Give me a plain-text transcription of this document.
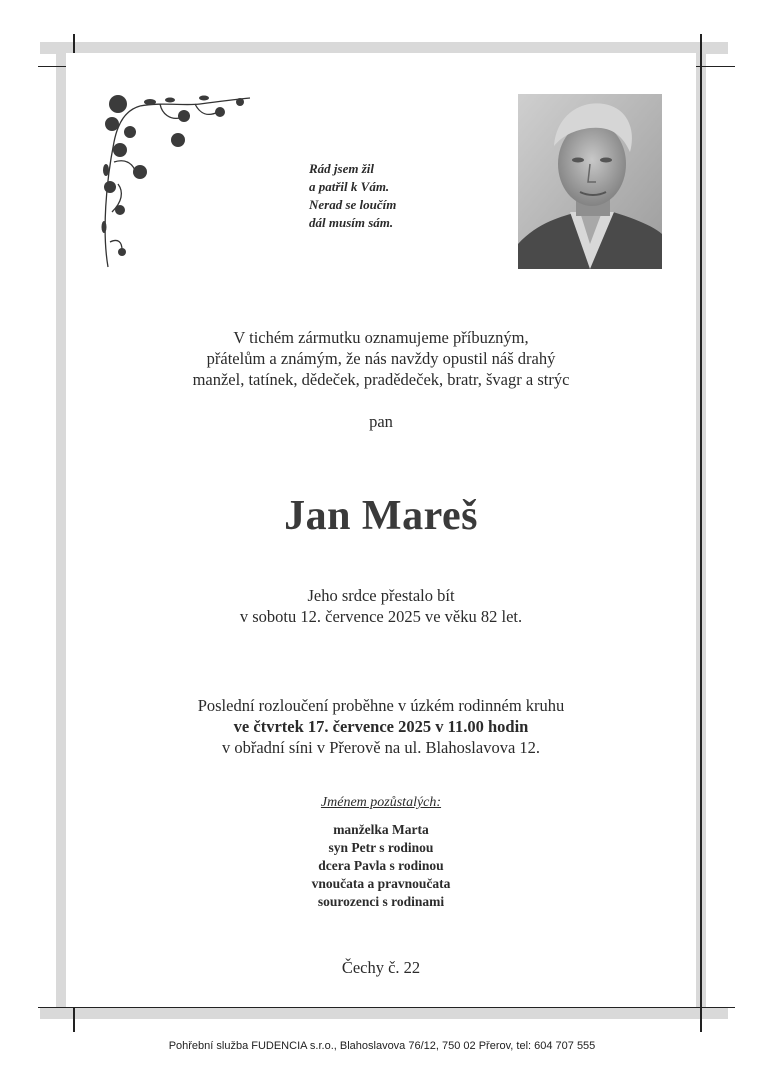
Rád jsem žil
a patřil k Vám.
Nerad se loučím
dál musím sám.
V tichém zármutku oznamujeme příbuzným,
přátelům a známým, že nás navždy opustil náš drahý
manžel, tatínek, dědeček, pradědeček, bratr, švagr a strýc
pan
Jan Mareš
Jeho srdce přestalo bít
v sobotu 12. července 2025 ve věku 82 let.
Poslední rozloučení proběhne v úzkém rodinném kruhu
ve čtvrtek 17. července 2025 v 11.00 hodin
v obřadní síni v Přerově na ul. Blahoslavova 12.
Jménem pozůstalých:
manželka Marta
syn Petr s rodinou
dcera Pavla s rodinou
vnoučata a pravnoučata
sourozenci s rodinami
Čechy č. 22
Pohřební služba FUDENCIA s.r.o., Blahoslavova 76/12, 750 02 Přerov, tel: 604 707 555
